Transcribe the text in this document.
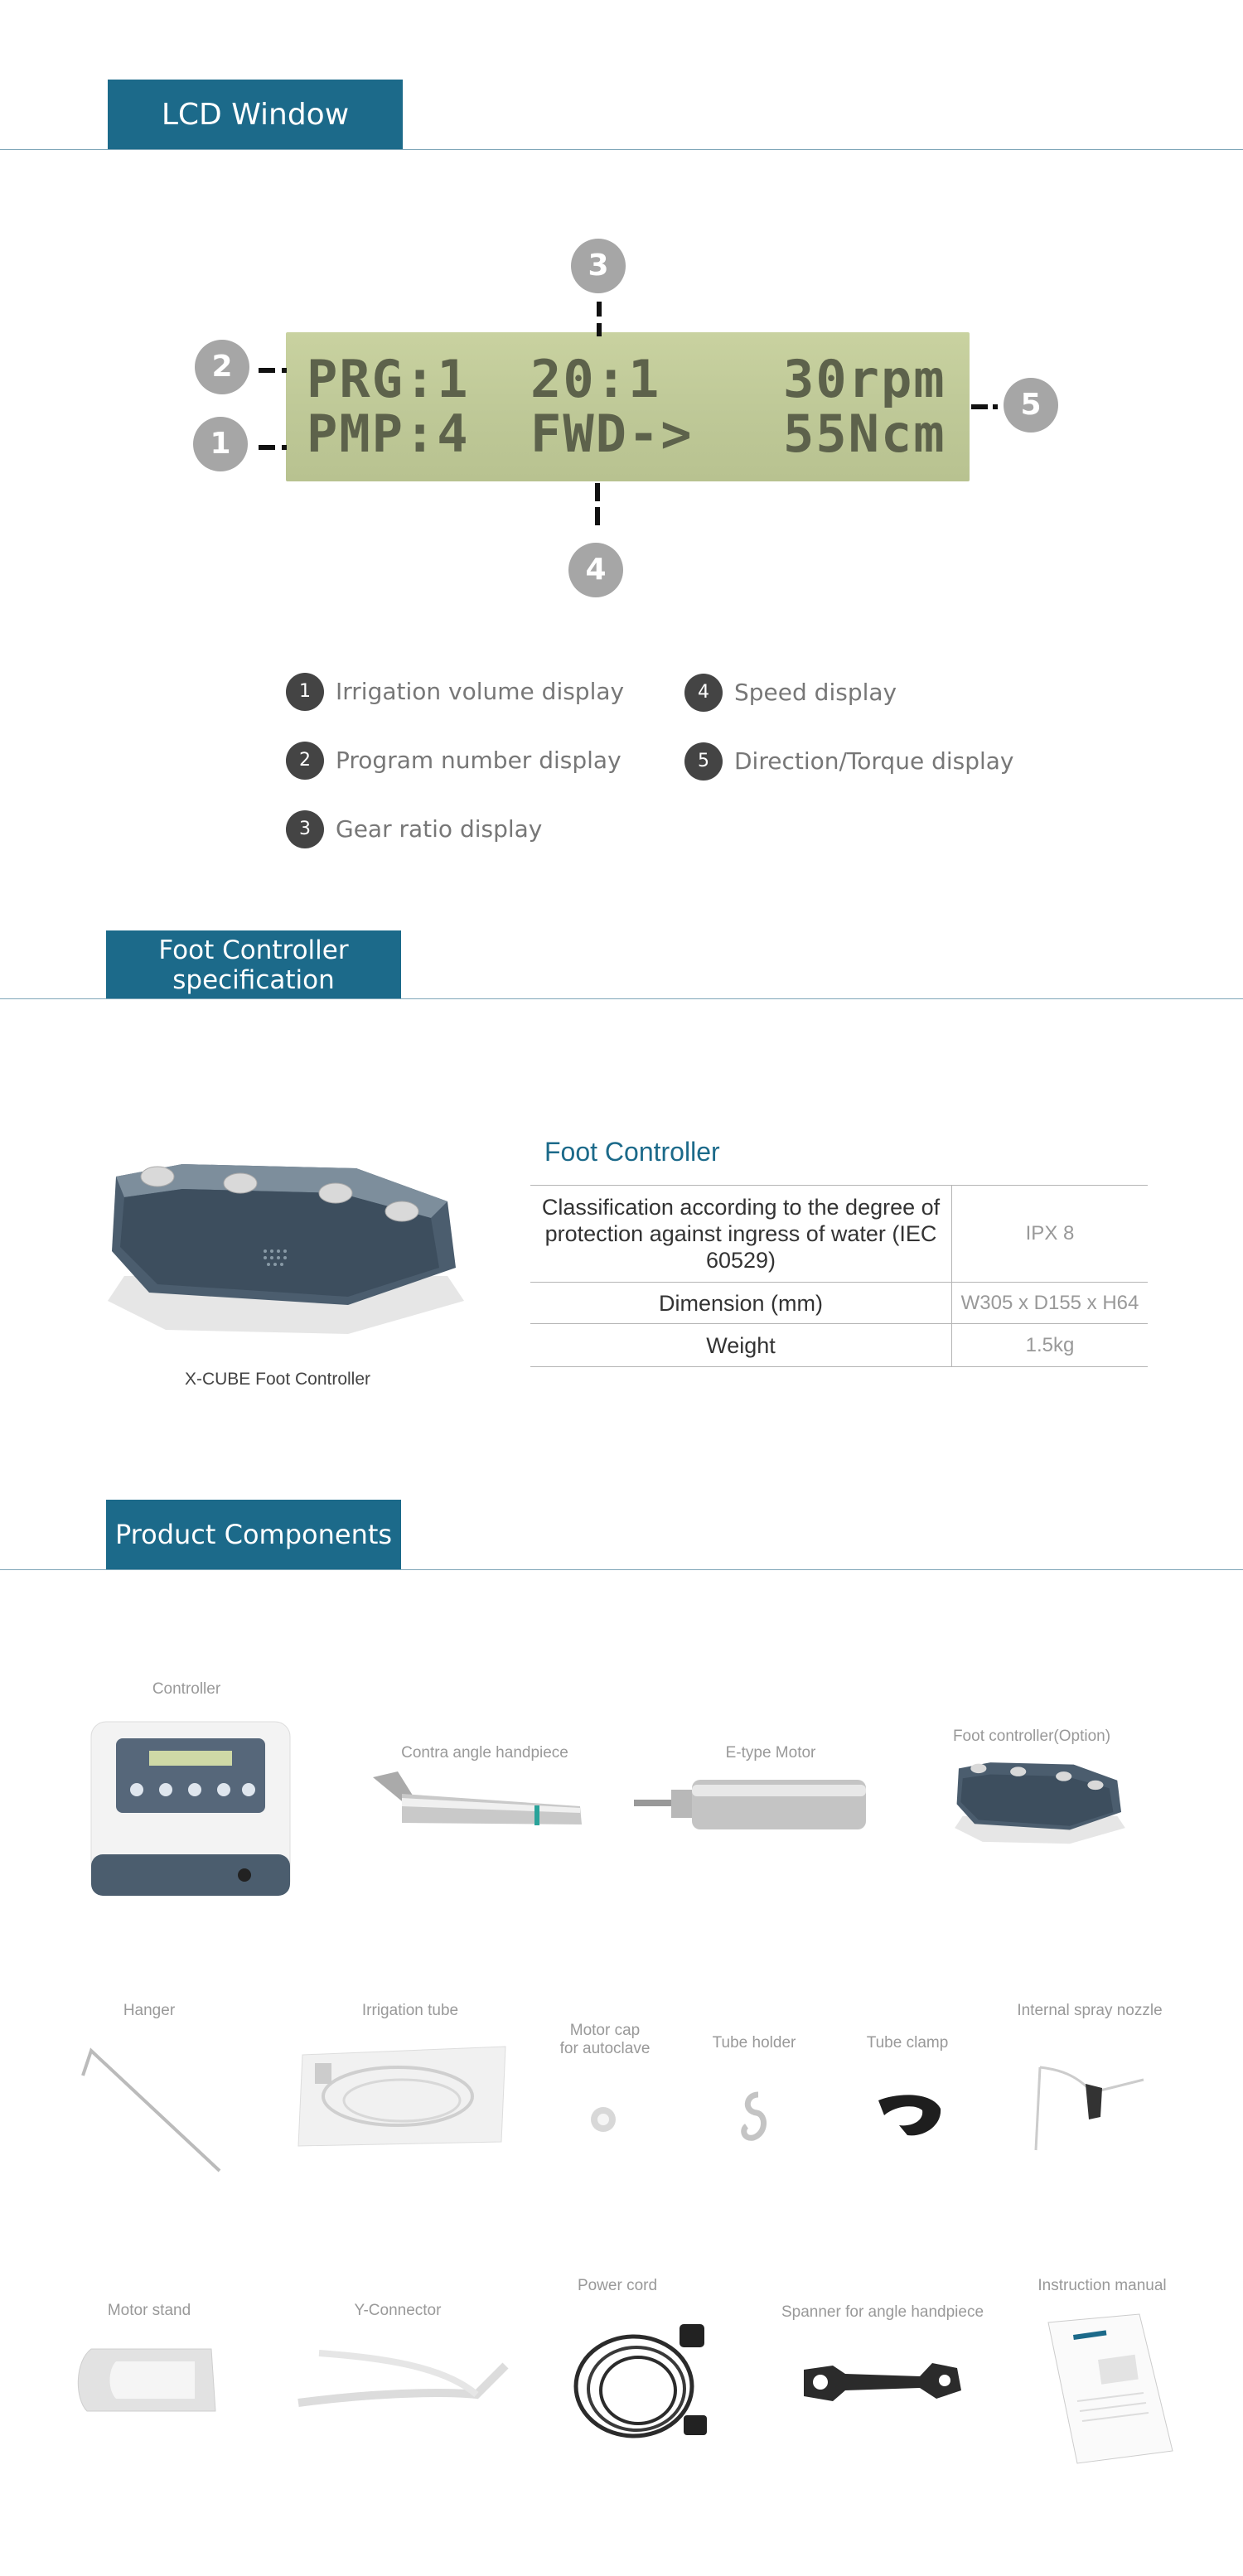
LCD Window
PRG:1 20:1 30rpm
PMP:4 FWD-> 55Ncm
3
2
1
5
4
1	Irrigation volume display
2	Program number display
3	Gear ratio display
4	Speed display
5	Direction/Torque display
Foot Controller
specification
X-CUBE Foot Controller
Foot Controller
Classification according to the degree of protection against ingress of water (IEC 60529)	IPX 8
Dimension (mm)	W305 x D155 x H64
Weight	1.5kg
Product Components
Controller
Contra angle handpiece	E-type Motor
Foot controller(Option)
Hanger	Irrigation tube
Motor cap
for autoclave	Tube holder	Tube clamp
Internal spray nozzle
Motor stand	Y-Connector
Power cord
Spanner for angle handpiece
Instruction manual
